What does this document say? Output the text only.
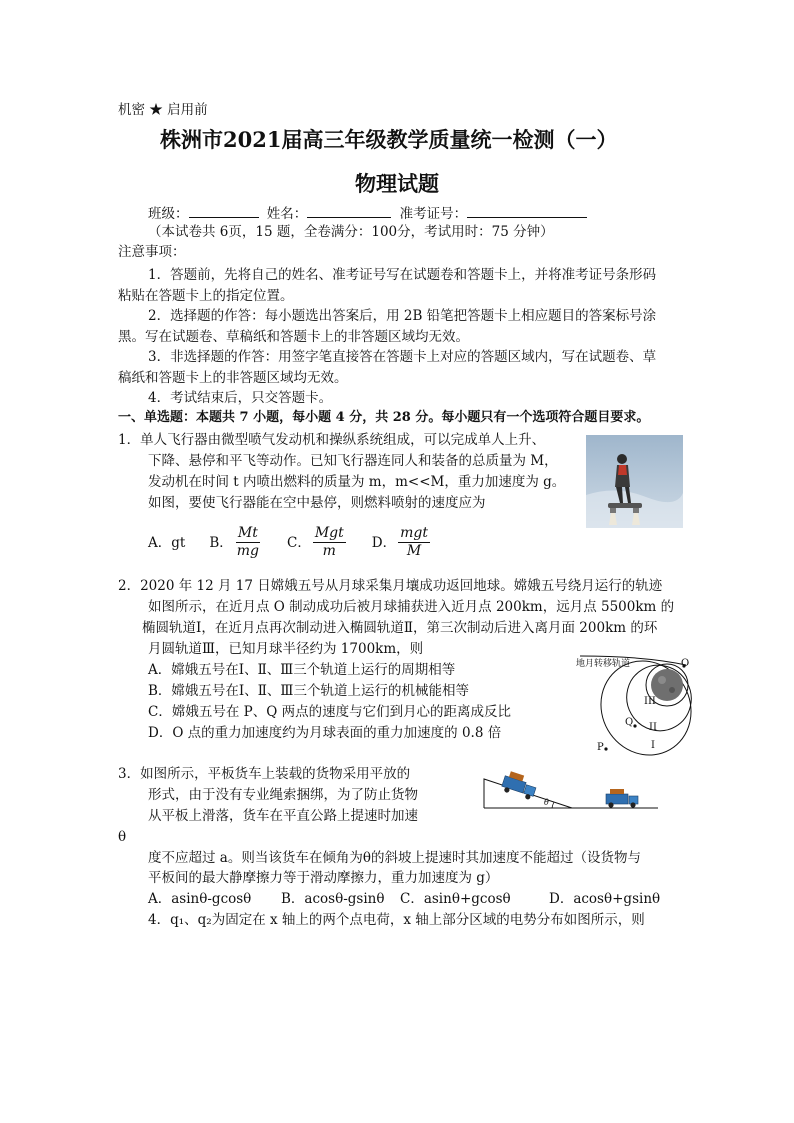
机密 ★ 启用前
株洲市2021届高三年级教学质量统一检测（一）
物理试题
班级：	姓名：	准考证号：
（本试卷共 6页，15 题，全卷满分：100分，考试用时：75 分钟）
注意事项：
1．答题前，先将自己的姓名、准考证号写在试题卷和答题卡上，并将准考证号条形码
粘贴在答题卡上的指定位置。
2．选择题的作答：每小题选出答案后，用 2B 铅笔把答题卡上相应题目的答案标号涂
黑。写在试题卷、草稿纸和答题卡上的非答题区域均无效。
3．非选择题的作答：用签字笔直接答在答题卡上对应的答题区域内，写在试题卷、草
稿纸和答题卡上的非答题区域均无效。
4．考试结束后，只交答题卡。
一、单选题：本题共 7 小题，每小题 4 分，共 28 分。每小题只有一个选项符合题目要求。
1．单人飞行器由微型喷气发动机和操纵系统组成，可以完成单人上升、
下降、悬停和平飞等动作。已知飞行器连同人和装备的总质量为 M，
发动机在时间 t 内喷出燃料的质量为 m，m<<M，重力加速度为 g。
如图，要使飞行器能在空中悬停，则燃料喷射的速度应为
A． gt B． $\frac{Mt}{mg}$ C． $\frac{\text{Mgt}}{m}$ D． $\frac{\text{mgt}}{M}$
2．2020 年 12 月 17 日嫦娥五号从月球采集月壤成功返回地球。嫦娥五号绕月运行的轨迹
如图所示，在近月点 O 制动成功后被月球捕获进入近月点 200km，远月点 5500km 的
椭圆轨道Ⅰ，在近月点再次制动进入椭圆轨道Ⅱ，第三次制动后进入离月面 200km 的环
月圆轨道Ⅲ，已知月球半径约为 1700km，则
A．嫦娥五号在Ⅰ、Ⅱ、Ⅲ三个轨道上运行的周期相等
B．嫦娥五号在Ⅰ、Ⅱ、Ⅲ三个轨道上运行的机械能相等
C．嫦娥五号在 P、Q 两点的速度与它们到月心的距离成反比
D．O 点的重力加速度约为月球表面的重力加速度的 0.8 倍
地月转移轨道	O
P
Q
I
II
III
3．如图所示，平板货车上装载的货物采用平放的
形式，由于没有专业绳索捆绑，为了防止货物
从平板上滑落，货车在平直公路上提速时加速
θ
度不应超过 a。则当该货车在倾角为θ的斜坡上提速时其加速度不能超过（设货物与
平板间的最大静摩擦力等于滑动摩擦力，重力加速度为 g）
A．asinθ-gcosθ B．acosθ-gsinθ C．asinθ+gcosθ	D．acosθ+gsinθ
θ
4．q₁、q₂为固定在 x 轴上的两个点电荷，x 轴上部分区域的电势分布如图所示，则
